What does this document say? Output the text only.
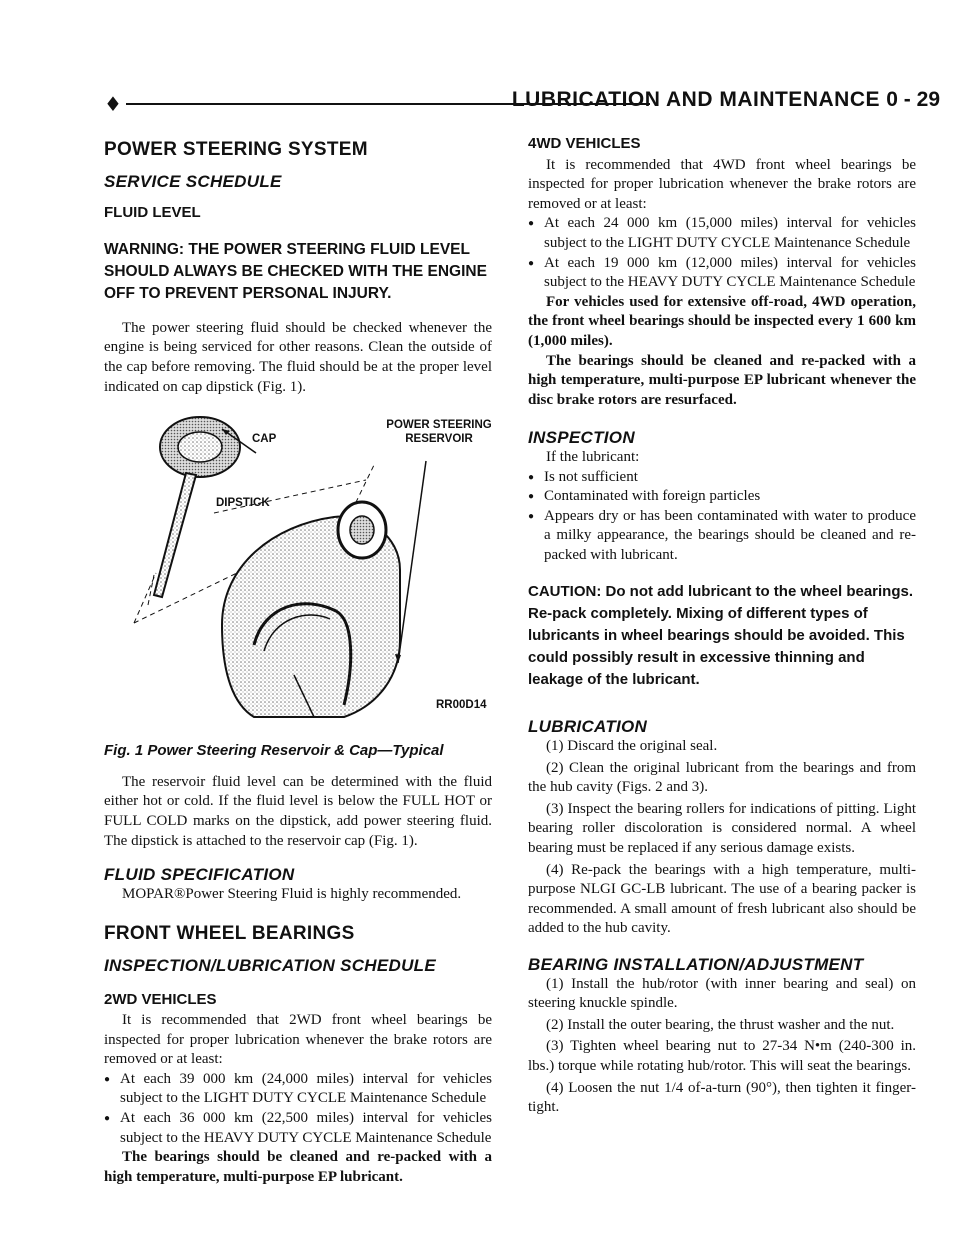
♦	LUBRICATION AND MAINTENANCE 0 - 29
POWER STEERING SYSTEM
SERVICE SCHEDULE
FLUID LEVEL
WARNING: THE POWER STEERING FLUID LEVEL SHOULD ALWAYS BE CHECKED WITH THE ENGINE OFF TO PREVENT PERSONAL INJURY.

The power steering fluid should be checked whenever the engine is being serviced for other reasons. Clean the outside of the cap before removing. The fluid should be at the proper level indicated on cap dipstick (Fig. 1).

CAP
POWER STEERING
RESERVOIR
DIPSTICK
RR00D14
Fig. 1 Power Steering Reservoir & Cap—Typical

The reservoir fluid level can be determined with the fluid either hot or cold. If the fluid level is below the FULL HOT or FULL COLD marks on the dipstick, add power steering fluid. The dipstick is attached to the reservoir cap (Fig. 1).

FLUID SPECIFICATION

MOPAR®Power Steering Fluid is highly recommended.

FRONT WHEEL BEARINGS
INSPECTION/LUBRICATION SCHEDULE
2WD VEHICLES

It is recommended that 2WD front wheel bearings be inspected for proper lubrication whenever the brake rotors are removed or at least:

● At each 39 000 km (24,000 miles) interval for vehicles subject to the LIGHT DUTY CYCLE Maintenance Schedule
● At each 36 000 km (22,500 miles) interval for vehicles subject to the HEAVY DUTY CYCLE Maintenance Schedule

The bearings should be cleaned and re-packed with a high temperature, multi-purpose EP lubricant.

4WD VEHICLES

It is recommended that 4WD front wheel bearings be inspected for proper lubrication whenever the brake rotors are removed or at least:

● At each 24 000 km (15,000 miles) interval for vehicles subject to the LIGHT DUTY CYCLE Maintenance Schedule
● At each 19 000 km (12,000 miles) interval for vehicles subject to the HEAVY DUTY CYCLE Maintenance Schedule

For vehicles used for extensive off-road, 4WD operation, the front wheel bearings should be inspected every 1 600 km (1,000 miles).

The bearings should be cleaned and re-packed with a high temperature, multi-purpose EP lubricant whenever the disc brake rotors are resurfaced.

INSPECTION

If the lubricant:

● Is not sufficient
● Contaminated with foreign particles
● Appears dry or has been contaminated with water to produce a milky appearance, the bearings should be cleaned and re-packed with lubricant.
CAUTION: Do not add lubricant to the wheel bearings. Re-pack completely. Mixing of different types of lubricants in wheel bearings should be avoided. This could possibly result in excessive thinning and leakage of the lubricant.
LUBRICATION

(1) Discard the original seal.

(2) Clean the original lubricant from the bearings and from the hub cavity (Figs. 2 and 3).

(3) Inspect the bearing rollers for indications of pitting. Light bearing roller discoloration is considered normal. A wheel bearing must be replaced if any serious damage exists.

(4) Re-pack the bearings with a high temperature, multi-purpose NLGI GC-LB lubricant. The use of a bearing packer is recommended. A small amount of fresh lubricant also should be added to the hub cavity.

BEARING INSTALLATION/ADJUSTMENT

(1) Install the hub/rotor (with inner bearing and seal) on steering knuckle spindle.

(2) Install the outer bearing, the thrust washer and the nut.

(3) Tighten wheel bearing nut to 27-34 N•m (240-300 in. lbs.) torque while rotating hub/rotor. This will seat the bearings.

(4) Loosen the nut 1/4 of-a-turn (90°), then tighten it finger-tight.
